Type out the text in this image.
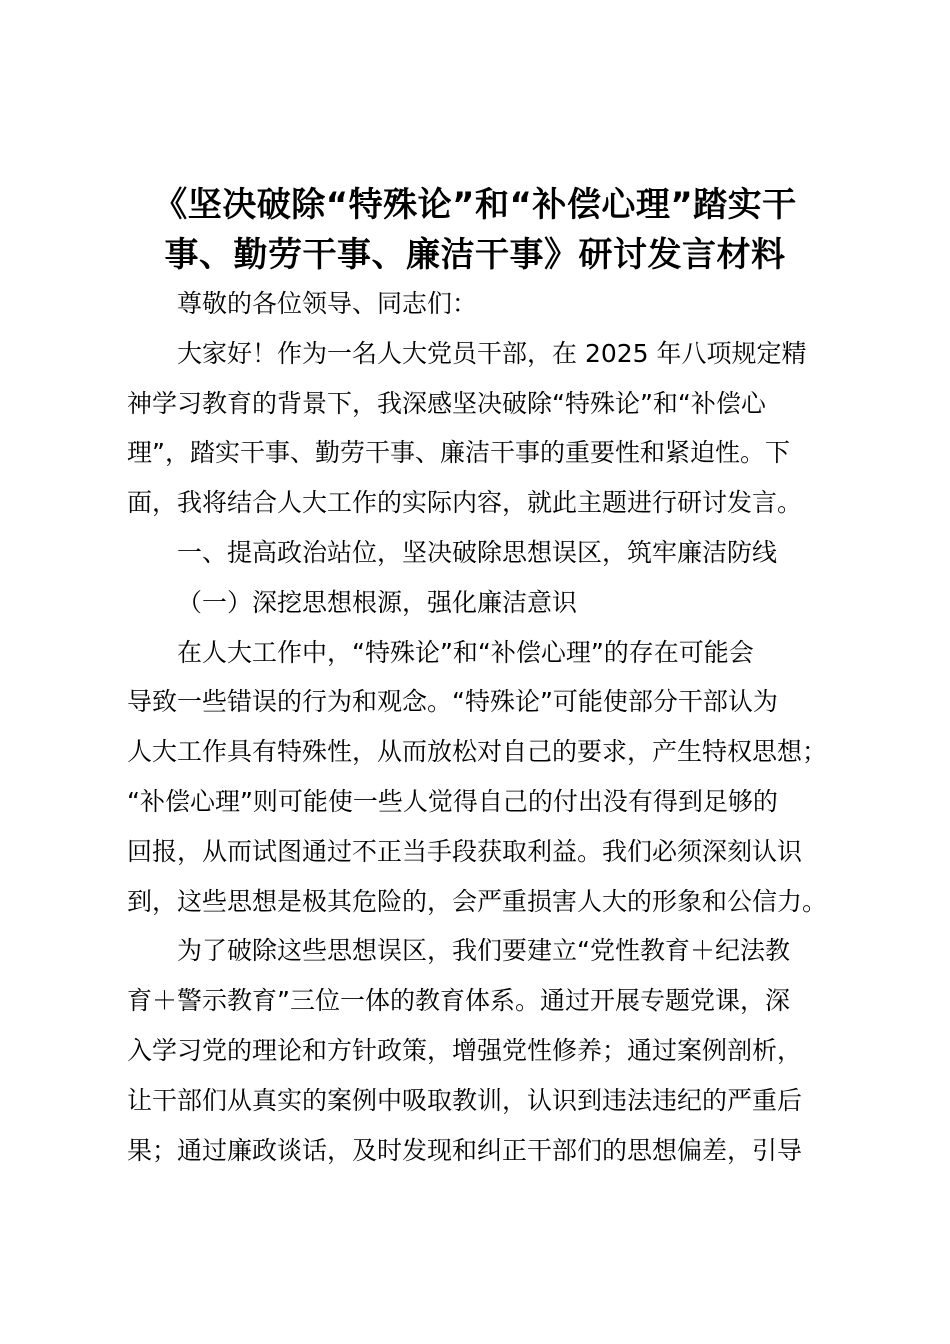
《坚决破除“特殊论”和“补偿心理”踏实干
事、勤劳干事、廉洁干事》研讨发言材料

尊敬的各位领导、同志们：

大家好！作为一名人大党员干部，在 2025 年八项规定精
神学习教育的背景下，我深感坚决破除“特殊论”和“补偿心
理”，踏实干事、勤劳干事、廉洁干事的重要性和紧迫性。下
面，我将结合人大工作的实际内容，就此主题进行研讨发言。

一、提高政治站位，坚决破除思想误区，筑牢廉洁防线

（一）深挖思想根源，强化廉洁意识

在人大工作中，“特殊论”和“补偿心理”的存在可能会
导致一些错误的行为和观念。“特殊论”可能使部分干部认为
人大工作具有特殊性，从而放松对自己的要求，产生特权思想；
“补偿心理”则可能使一些人觉得自己的付出没有得到足够的
回报，从而试图通过不正当手段获取利益。我们必须深刻认识
到，这些思想是极其危险的，会严重损害人大的形象和公信力。
为了破除这些思想误区，我们要建立“党性教育＋纪法教
育＋警示教育”三位一体的教育体系。通过开展专题党课，深
入学习党的理论和方针政策，增强党性修养；通过案例剖析，
让干部们从真实的案例中吸取教训，认识到违法违纪的严重后
果；通过廉政谈话，及时发现和纠正干部们的思想偏差，引导
